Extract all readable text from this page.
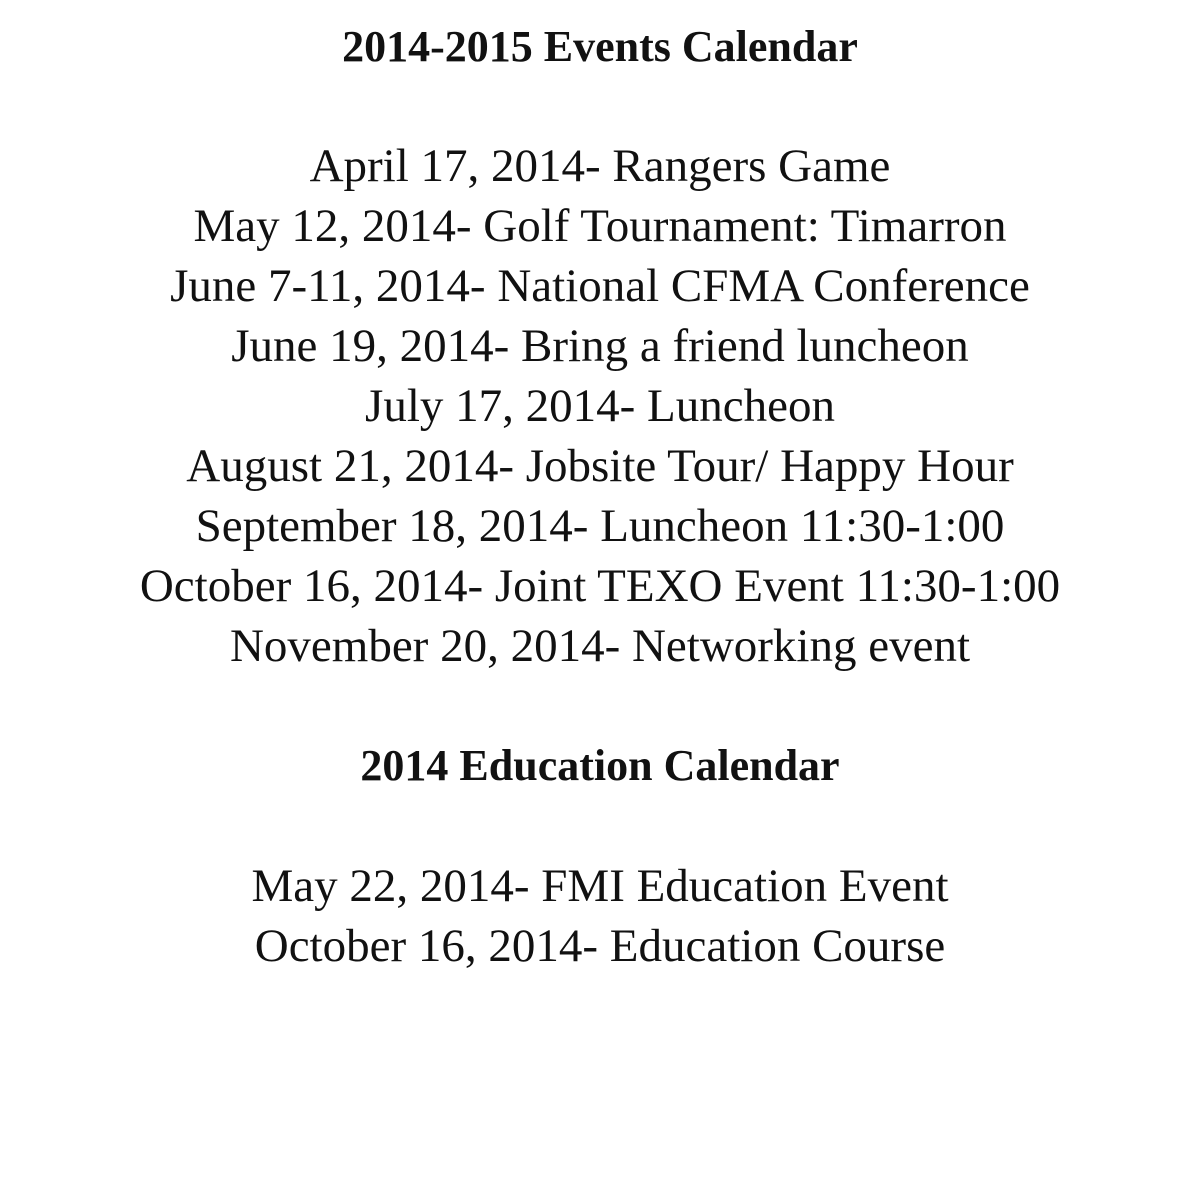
2014-2015 Events Calendar
April 17, 2014- Rangers Game
May 12, 2014- Golf Tournament: Timarron
June 7-11, 2014- National CFMA Conference
June 19, 2014- Bring a friend luncheon
July 17, 2014- Luncheon
August 21, 2014- Jobsite Tour/ Happy Hour
September 18, 2014- Luncheon 11:30-1:00
October 16, 2014- Joint TEXO Event 11:30-1:00
November 20, 2014- Networking event
2014 Education Calendar
May 22, 2014- FMI Education Event
October 16, 2014- Education Course
